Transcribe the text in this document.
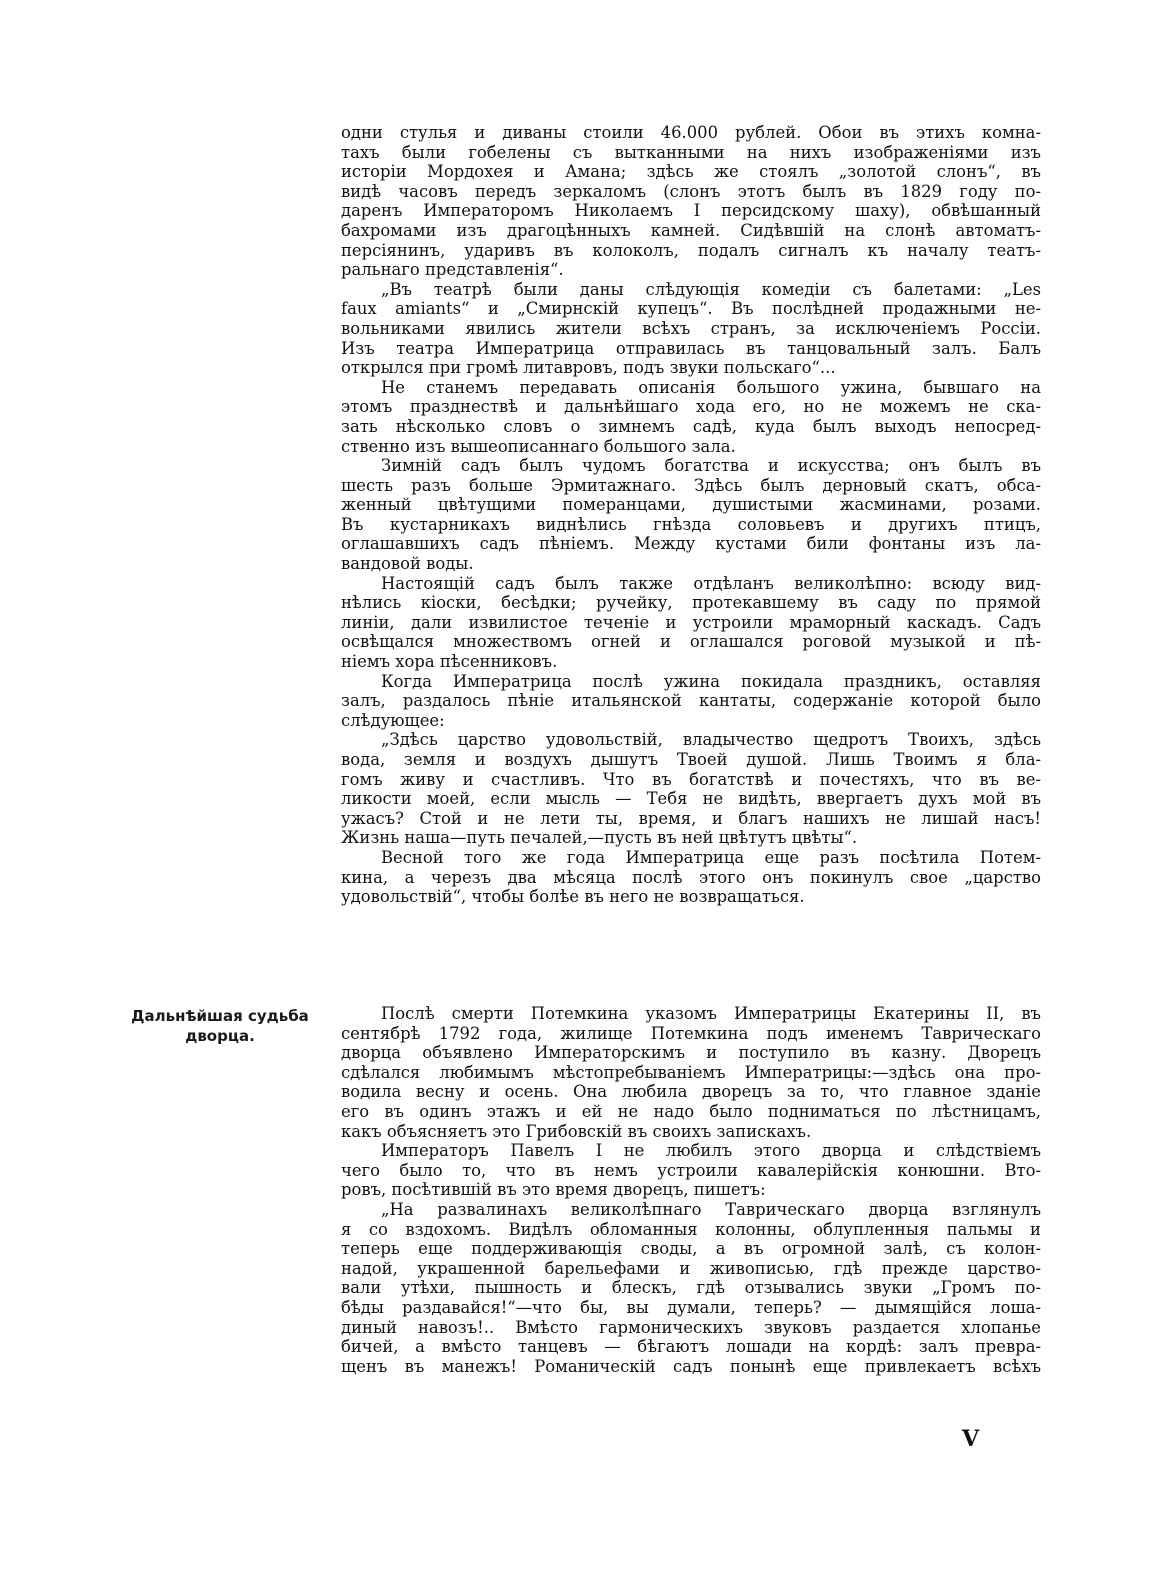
одни стулья и диваны стоили 46.000 рублей. Обои въ этихъ комна-
тахъ были гобелены съ вытканными на нихъ изображеніями изъ
исторіи Мордохея и Амана; здѣсь же стоялъ „золотой слонъ“, въ
видѣ часовъ передъ зеркаломъ (слонъ этотъ былъ въ 1829 году по-
даренъ Императоромъ Николаемъ I персидскому шаху), обвѣшанный
бахромами изъ драгоцѣнныхъ камней. Сидѣвшій на слонѣ автоматъ-
персіянинъ, ударивъ въ колоколъ, подалъ сигналъ къ началу театъ-
ральнаго представленія“.
„Въ театрѣ были даны слѣдующія комедіи съ балетами: „Les
faux amiants“ и „Смирнскій купецъ“. Въ послѣдней продажными не-
вольниками явились жители всѣхъ странъ, за исключеніемъ Россіи.
Изъ театра Императрица отправилась въ танцовальный залъ. Балъ
открылся при громѣ литавровъ, подъ звуки польскаго“...
Не станемъ передавать описанія большого ужина, бывшаго на
этомъ празднествѣ и дальнѣйшаго хода его, но не можемъ не ска-
зать нѣсколько словъ о зимнемъ садѣ, куда былъ выходъ непосред-
ственно изъ вышеописаннаго большого зала.
Зимній садъ былъ чудомъ богатства и искусства; онъ былъ въ
шесть разъ больше Эрмитажнаго. Здѣсь былъ дерновый скатъ, обса-
женный цвѣтущими померанцами, душистыми жасминами, розами.
Въ кустарникахъ виднѣлись гнѣзда соловьевъ и другихъ птицъ,
оглашавшихъ садъ пѣніемъ. Между кустами били фонтаны изъ ла-
вандовой воды.
Настоящій садъ былъ также отдѣланъ великолѣпно: всюду вид-
нѣлись кіоски, бесѣдки; ручейку, протекавшему въ саду по прямой
линіи, дали извилистое теченіе и устроили мраморный каскадъ. Садъ
освѣщался множествомъ огней и оглашался роговой музыкой и пѣ-
ніемъ хора пѣсенниковъ.
Когда Императрица послѣ ужина покидала праздникъ, оставляя
залъ, раздалось пѣніе итальянской кантаты, содержаніе которой было
слѣдующее:
„Здѣсь царство удовольствій, владычество щедротъ Твоихъ, здѣсь
вода, земля и воздухъ дышутъ Твоей душой. Лишь Твоимъ я бла-
гомъ живу и счастливъ. Что въ богатствѣ и почестяхъ, что въ ве-
ликости моей, если мысль — Тебя не видѣть, ввергаетъ духъ мой въ
ужасъ? Стой и не лети ты, время, и благъ нашихъ не лишай насъ!
Жизнь наша—путь печалей,—пусть въ ней цвѣтутъ цвѣты“.
Весной того же года Императрица еще разъ посѣтила Потем-
кина, а черезъ два мѣсяца послѣ этого онъ покинулъ свое „царство
удовольствій“, чтобы болѣе въ него не возвращаться.
Дальнѣйшая судьба
дворца.
Послѣ смерти Потемкина указомъ Императрицы Екатерины II, въ
сентябрѣ 1792 года, жилище Потемкина подъ именемъ Таврическаго
дворца объявлено Императорскимъ и поступило въ казну. Дворецъ
сдѣлался любимымъ мѣстопребываніемъ Императрицы:—здѣсь она про-
водила весну и осень. Она любила дворецъ за то, что главное зданіе
его въ одинъ этажъ и ей не надо было подниматься по лѣстницамъ,
какъ объясняетъ это Грибовскій въ своихъ запискахъ.
Императоръ Павелъ I не любилъ этого дворца и слѣдствіемъ
чего было то, что въ немъ устроили кавалерійскія конюшни. Вто-
ровъ, посѣтившій въ это время дворецъ, пишетъ:
„На развалинахъ великолѣпнаго Таврическаго дворца взглянулъ
я со вздохомъ. Видѣлъ обломанныя колонны, облупленныя пальмы и
теперь еще поддерживающія своды, а въ огромной залѣ, съ колон-
надой, украшенной барельефами и живописью, гдѣ прежде царство-
вали утѣхи, пышность и блескъ, гдѣ отзывались звуки „Громъ по-
бѣды раздавайся!“—что бы, вы думали, теперь? — дымящійся лоша-
диный навозъ!.. Вмѣсто гармоническихъ звуковъ раздается хлопанье
бичей, а вмѣсто танцевъ — бѣгаютъ лошади на кордѣ: залъ превра-
щенъ въ манежъ! Романическій садъ понынѣ еще привлекаетъ всѣхъ
V
